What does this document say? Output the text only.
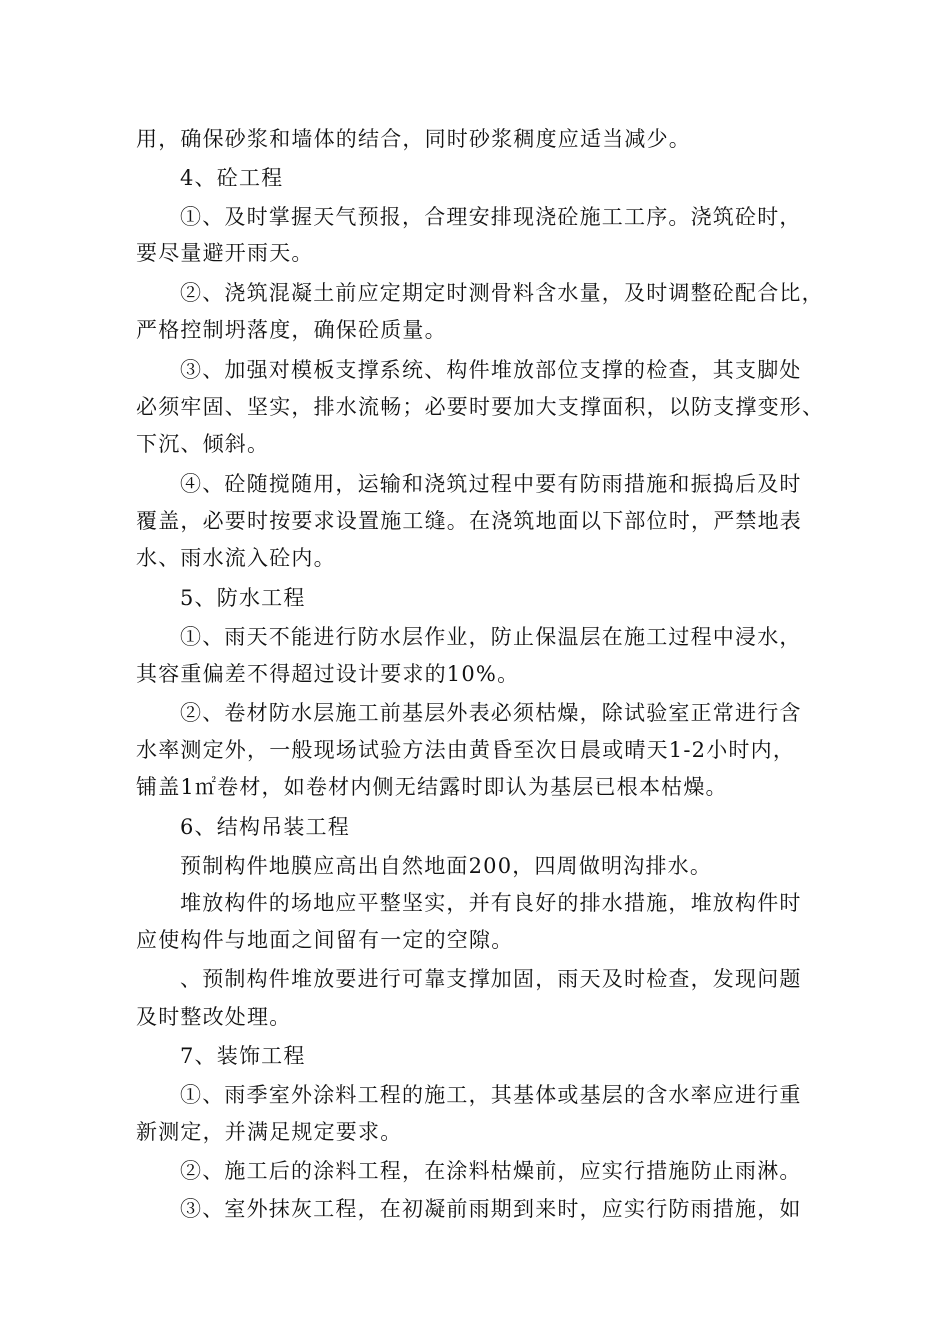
用，确保砂浆和墙体的结合，同时砂浆稠度应适当减少。
4、砼工程
①、及时掌握天气预报，合理安排现浇砼施工工序。浇筑砼时，
要尽量避开雨天。
②、浇筑混凝土前应定期定时测骨料含水量，及时调整砼配合比，
严格控制坍落度，确保砼质量。
③、加强对模板支撑系统、构件堆放部位支撑的检查，其支脚处
必须牢固、坚实，排水流畅；必要时要加大支撑面积，以防支撑变形、
下沉、倾斜。
④、砼随搅随用，运输和浇筑过程中要有防雨措施和振捣后及时
覆盖，必要时按要求设置施工缝。在浇筑地面以下部位时，严禁地表
水、雨水流入砼内。
5、防水工程
①、雨天不能进行防水层作业，防止保温层在施工过程中浸水，
其容重偏差不得超过设计要求的10%。
②、卷材防水层施工前基层外表必须枯燥，除试验室正常进行含
水率测定外，一般现场试验方法由黄昏至次日晨或晴天1-2小时内，
铺盖1㎡卷材，如卷材内侧无结露时即认为基层已根本枯燥。
6、结构吊装工程
预制构件地膜应高出自然地面200，四周做明沟排水。
堆放构件的场地应平整坚实，并有良好的排水措施，堆放构件时
应使构件与地面之间留有一定的空隙。
、预制构件堆放要进行可靠支撑加固，雨天及时检查，发现问题
及时整改处理。
7、装饰工程
①、雨季室外涂料工程的施工，其基体或基层的含水率应进行重
新测定，并满足规定要求。
②、施工后的涂料工程，在涂料枯燥前，应实行措施防止雨淋。
③、室外抹灰工程，在初凝前雨期到来时，应实行防雨措施，如
